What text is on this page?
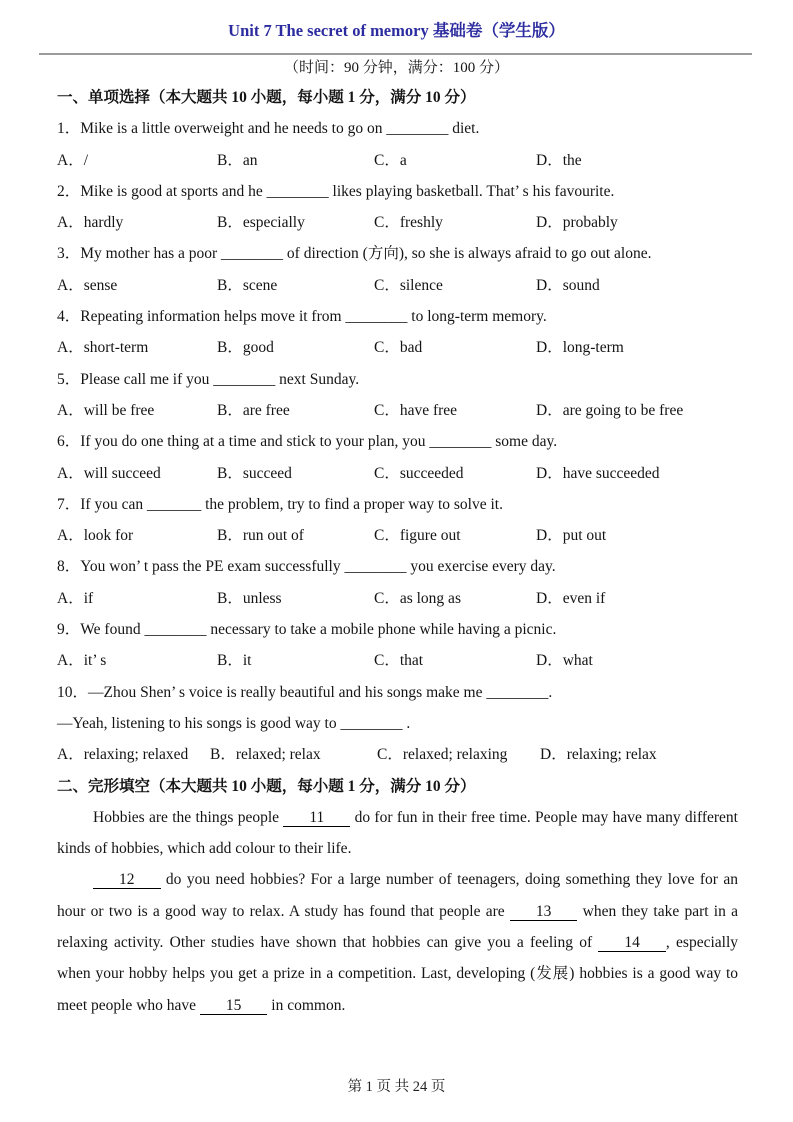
Unit 7 The secret of memory 基础卷（学生版）
（时间：90 分钟，满分：100 分）
一、单项选择（本大题共 10 小题，每小题 1 分，满分 10 分）
1．Mike is a little overweight and he needs to go on ________ diet.
A．/	B．an	C．a	D．the
2．Mike is good at sports and he ________ likes playing basketball. That’ s his favourite.
A．hardly	B．especially	C．freshly	D．probably
3．My mother has a poor ________ of direction (方向), so she is always afraid to go out alone.
A．sense	B．scene	C．silence	D．sound
4．Repeating information helps move it from ________ to long-term memory.
A．short-term	B．good	C．bad	D．long-term
5．Please call me if you ________ next Sunday.
A．will be free	B．are free	C．have free	D．are going to be free
6．If you do one thing at a time and stick to your plan, you ________ some day.
A．will succeed	B．succeed	C．succeeded	D．have succeeded
7．If you can _______ the problem, try to find a proper way to solve it.
A．look for	B．run out of	C．figure out	D．put out
8．You won’ t pass the PE exam successfully ________ you exercise every day.
A．if	B．unless	C．as long as	D．even if
9．We found ________ necessary to take a mobile phone while having a picnic.
A．it’ s	B．it	C．that	D．what
10．—Zhou Shen’ s voice is really beautiful and his songs make me ________.
—Yeah, listening to his songs is good way to ________ .
A．relaxing; relaxed	B．relaxed; relax	C．relaxed; relaxing	D．relaxing; relax
二、完形填空（本大题共 10 小题，每小题 1 分，满分 10 分）
Hobbies are the things people 11 do for fun in their free time. People may have many different kinds of hobbies, which add colour to their life.
12 do you need hobbies? For a large number of teenagers, doing something they love for an hour or two is a good way to relax. A study has found that people are 13 when they take part in a relaxing activity. Other studies have shown that hobbies can give you a feeling of 14 , especially when your hobby helps you get a prize in a competition. Last, developing (发展) hobbies is a good way to meet people who have 15 in common.
第 1 页 共 24 页
